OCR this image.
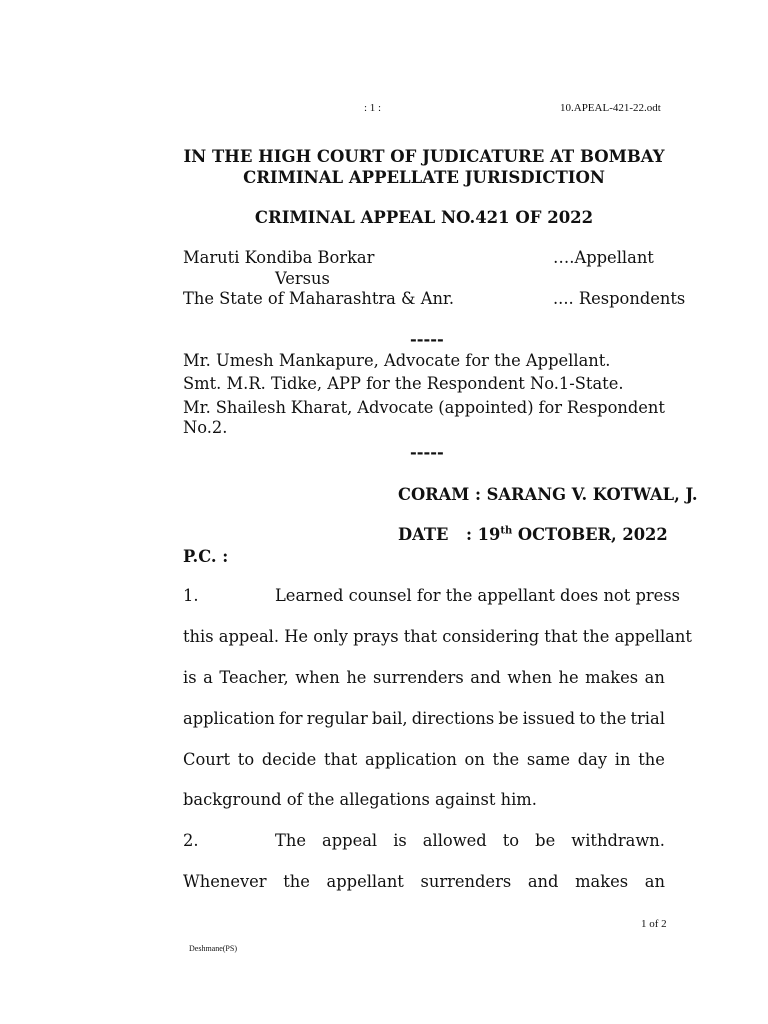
: 1 :	10.APEAL-421-22.odt
IN THE HIGH COURT OF JUDICATURE AT BOMBAY
CRIMINAL APPELLATE JURISDICTION
CRIMINAL APPEAL NO.421 OF 2022
Maruti Kondiba Borkar	….Appellant
Versus
The State of Maharashtra & Anr.	.... Respondents
-----
Mr. Umesh Mankapure, Advocate for the Appellant.
Smt. M.R. Tidke, APP for the Respondent No.1-State.
Mr. Shailesh Kharat, Advocate (appointed) for Respondent
No.2.
-----
CORAM : SARANG V. KOTWAL, J.
DATE : 19th OCTOBER, 2022
P.C. :
1.	Learned counsel for the appellant does not press
this appeal. He only prays that considering that the appellant
is a Teacher, when he surrenders and when he makes an
application for regular bail, directions be issued to the trial
Court to decide that application on the same day in the
background of the allegations against him.
2.	The appeal is allowed to be withdrawn.
Whenever the appellant surrenders and makes an
1 of 2
Deshmane(PS)
